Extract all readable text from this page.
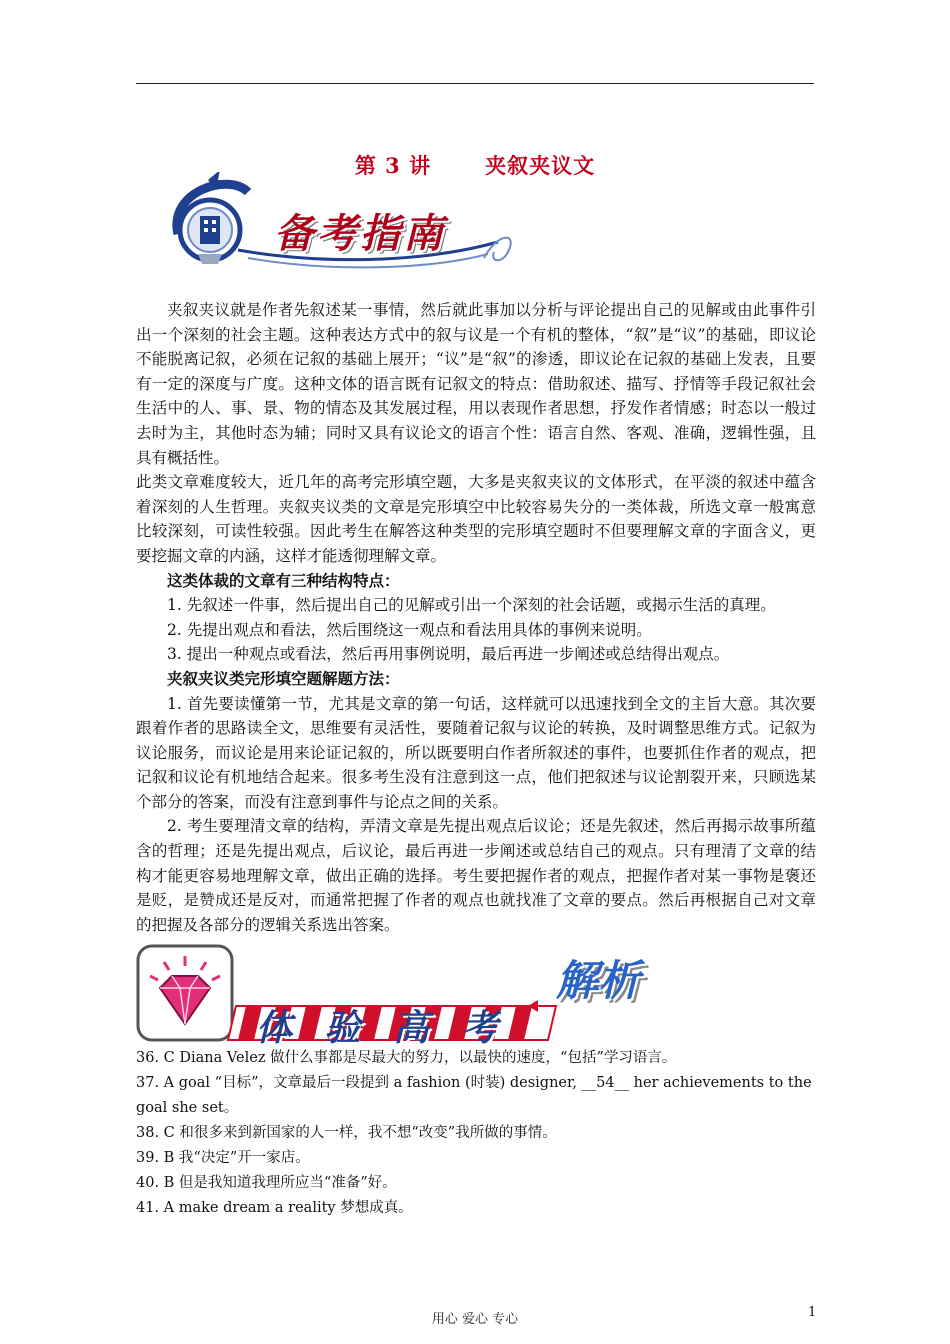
第 3 讲	夹叙夹议文
备考指南

夹叙夹议就是作者先叙述某一事情，然后就此事加以分析与评论提出自己的见解或由此事件引出一个深刻的社会主题。这种表达方式中的叙与议是一个有机的整体，“叙”是“议”的基础，即议论不能脱离记叙，必须在记叙的基础上展开；“议”是“叙”的渗透，即议论在记叙的基础上发表，且要有一定的深度与广度。这种文体的语言既有记叙文的特点：借助叙述、描写、抒情等手段记叙社会生活中的人、事、景、物的情态及其发展过程，用以表现作者思想，抒发作者情感；时态以一般过去时为主，其他时态为辅；同时又具有议论文的语言个性：语言自然、客观、准确，逻辑性强，且具有概括性。

此类文章难度较大，近几年的高考完形填空题，大多是夹叙夹议的文体形式，在平淡的叙述中蕴含着深刻的人生哲理。夹叙夹议类的文章是完形填空中比较容易失分的一类体裁，所选文章一般寓意比较深刻，可读性较强。因此考生在解答这种类型的完形填空题时不但要理解文章的字面含义，更要挖掘文章的内涵，这样才能透彻理解文章。

这类体裁的文章有三种结构特点：

1. 先叙述一件事，然后提出自己的见解或引出一个深刻的社会话题，或揭示生活的真理。

2. 先提出观点和看法，然后围绕这一观点和看法用具体的事例来说明。

3. 提出一种观点或看法，然后再用事例说明，最后再进一步阐述或总结得出观点。

夹叙夹议类完形填空题解题方法：

1. 首先要读懂第一节，尤其是文章的第一句话，这样就可以迅速找到全文的主旨大意。其次要跟着作者的思路读全文，思维要有灵活性，要随着记叙与议论的转换，及时调整思维方式。记叙为议论服务，而议论是用来论证记叙的，所以既要明白作者所叙述的事件，也要抓住作者的观点，把记叙和议论有机地结合起来。很多考生没有注意到这一点，他们把叙述与议论割裂开来，只顾选某个部分的答案，而没有注意到事件与论点之间的关系。

2. 考生要理清文章的结构，弄清文章是先提出观点后议论；还是先叙述，然后再揭示故事所蕴含的哲理；还是先提出观点，后议论，最后再进一步阐述或总结自己的观点。只有理清了文章的结构才能更容易地理解文章，做出正确的选择。考生要把握作者的观点，把握作者对某一事物是褒还是贬，是赞成还是反对，而通常把握了作者的观点也就找准了文章的要点。然后再根据自己对文章的把握及各部分的逻辑关系选出答案。

体 验 高 考
解析

36. C Diana Velez 做什么事都是尽最大的努力，以最快的速度，“包括”学习语言。

37. A goal “目标”，文章最后一段提到 a fashion (时装) designer, __54__ her achievements to the goal she set。

38. C 和很多来到新国家的人一样，我不想“改变”我所做的事情。

39. B 我“决定”开一家店。

40. B 但是我知道我理所应当“准备”好。

41. A make dream a reality 梦想成真。

用心 爱心 专心	1
